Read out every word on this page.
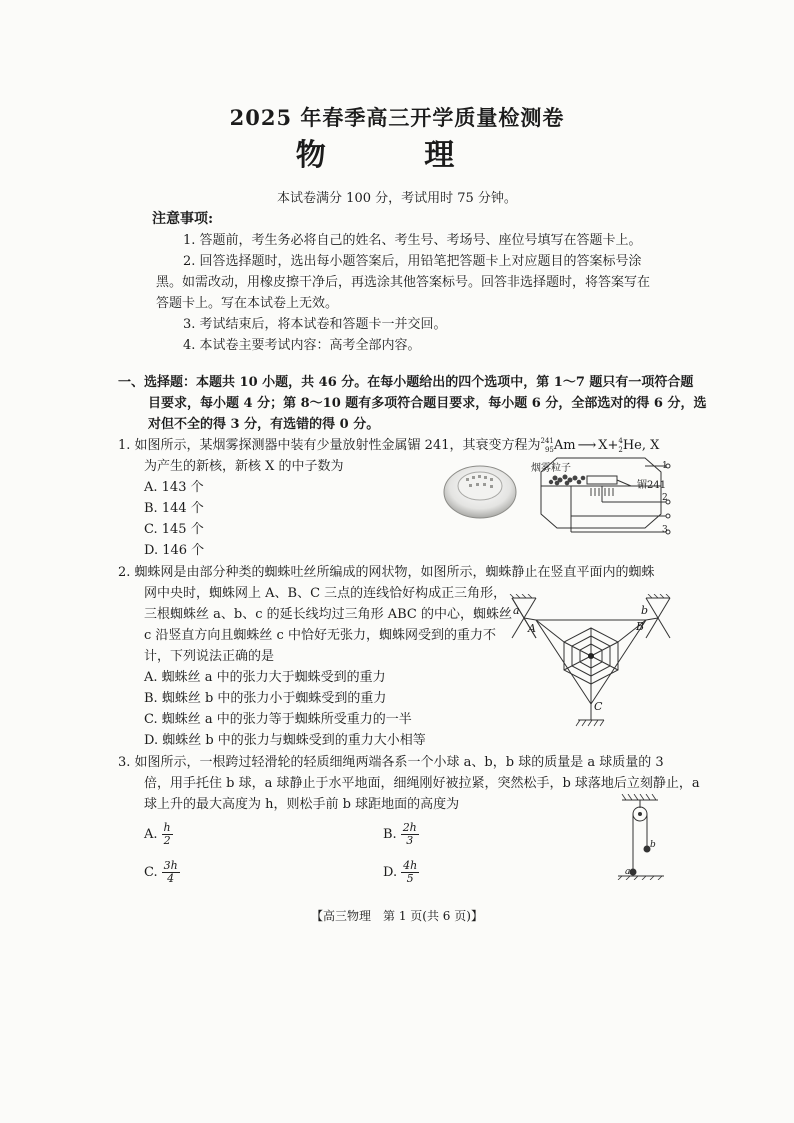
2025 年春季高三开学质量检测卷
物 理
本试卷满分 100 分，考试用时 75 分钟。
注意事项:
1. 答题前，考生务必将自己的姓名、考生号、考场号、座位号填写在答题卡上。
2. 回答选择题时，选出每小题答案后，用铅笔把答题卡上对应题目的答案标号涂
黑。如需改动，用橡皮擦干净后，再选涂其他答案标号。回答非选择题时，将答案写在
答题卡上。写在本试卷上无效。
3. 考试结束后，将本试卷和答题卡一并交回。
4. 本试卷主要考试内容：高考全部内容。
一、选择题：本题共 10 小题，共 46 分。在每小题给出的四个选项中，第 1～7 题只有一项符合题
目要求，每小题 4 分；第 8～10 题有多项符合题目要求，每小题 6 分，全部选对的得 6 分，选
对但不全的得 3 分，有选错的得 0 分。
1. 如图所示，某烟雾探测器中装有少量放射性金属镅 241，其衰变方程为241
95Am ⟶ X+4
2He, X
为产生的新核，新核 X 的中子数为
A. 143 个
B. 144 个
C. 145 个
D. 146 个
烟雾粒子
镅241
1
2
3
2. 蜘蛛网是由部分种类的蜘蛛吐丝所编成的网状物，如图所示，蜘蛛静止在竖直平面内的蜘蛛
网中央时，蜘蛛网上 A、B、C 三点的连线恰好构成正三角形，
三根蜘蛛丝 a、b、c 的延长线均过三角形 ABC 的中心，蜘蛛丝
c 沿竖直方向且蜘蛛丝 c 中恰好无张力，蜘蛛网受到的重力不
计，下列说法正确的是
A. 蜘蛛丝 a 中的张力大于蜘蛛受到的重力
B. 蜘蛛丝 b 中的张力小于蜘蛛受到的重力
C. 蜘蛛丝 a 中的张力等于蜘蛛所受重力的一半
D. 蜘蛛丝 b 中的张力与蜘蛛受到的重力大小相等
a	b
A	B
C
3. 如图所示，一根跨过轻滑轮的轻质细绳两端各系一个小球 a、b，b 球的质量是 a 球质量的 3
倍，用手托住 b 球，a 球静止于水平地面，细绳刚好被拉紧，突然松手，b 球落地后立刻静止，a
球上升的最大高度为 h，则松手前 b 球距地面的高度为
A. $\frac{h}{2}$	B. $\frac{2h}{3}$
C. $\frac{3h}{4}$	D. $\frac{4h}{5}$	a
b
【高三物理　第 1 页(共 6 页)】
